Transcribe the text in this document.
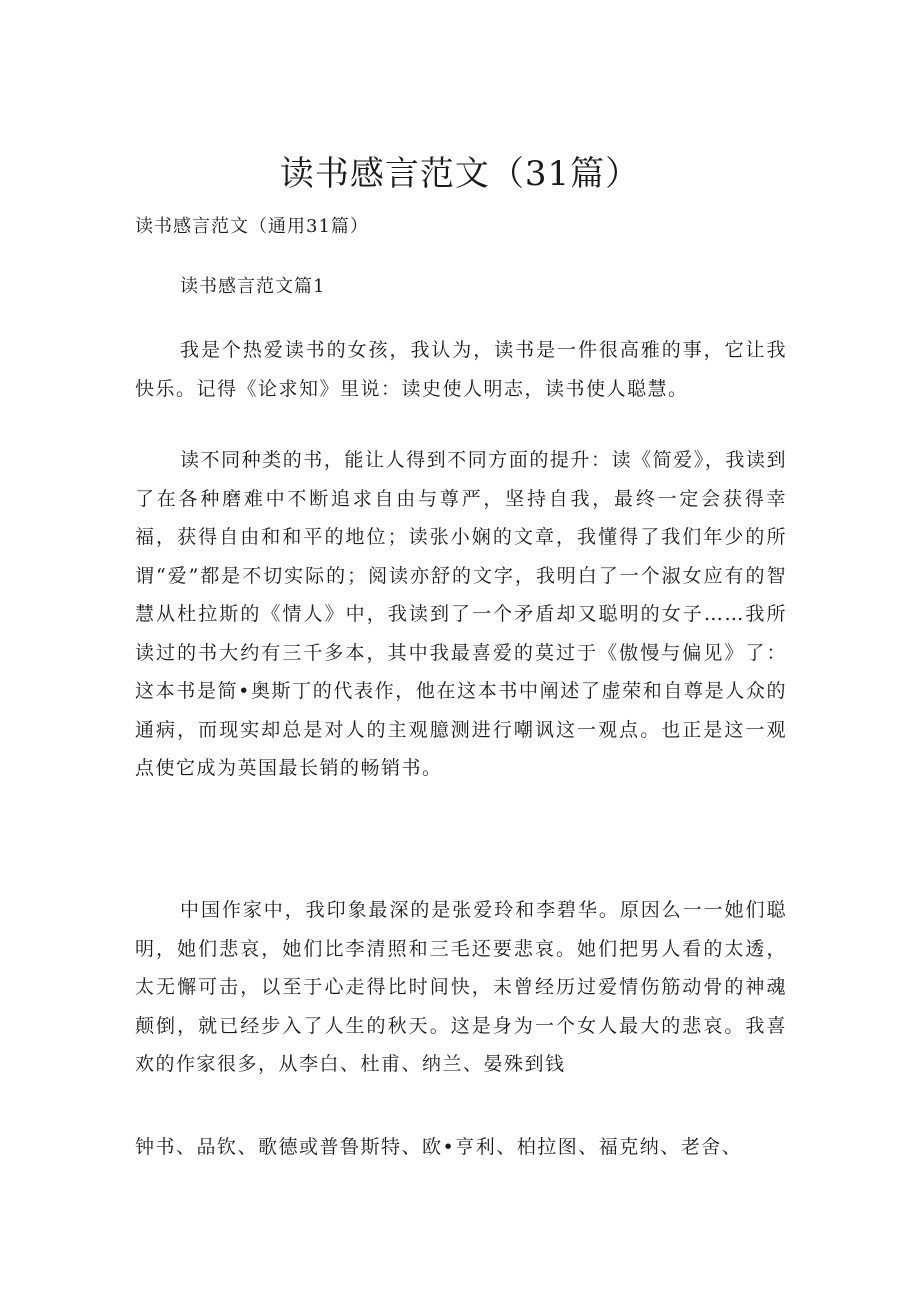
读书感言范文（31篇）
读书感言范文（通用31篇）
读书感言范文篇1

我是个热爱读书的女孩，我认为，读书是一件很高雅的事，它让我快乐。记得《论求知》里说：读史使人明志，读书使人聪慧。

读不同种类的书，能让人得到不同方面的提升：读《简爱》，我读到了在各种磨难中不断追求自由与尊严，坚持自我，最终一定会获得幸福，获得自由和和平的地位；读张小娴的文章，我懂得了我们年少的所谓“爱”都是不切实际的；阅读亦舒的文字，我明白了一个淑女应有的智慧从杜拉斯的《情人》中，我读到了一个矛盾却又聪明的女子……我所读过的书大约有三千多本，其中我最喜爱的莫过于《傲慢与偏见》了：这本书是简•奥斯丁的代表作，他在这本书中阐述了虚荣和自尊是人众的通病，而现实却总是对人的主观臆测进行嘲讽这一观点。也正是这一观点使它成为英国最长销的畅销书。

中国作家中，我印象最深的是张爱玲和李碧华。原因么一一她们聪明，她们悲哀，她们比李清照和三毛还要悲哀。她们把男人看的太透，太无懈可击，以至于心走得比时间快，未曾经历过爱情伤筋动骨的神魂颠倒，就已经步入了人生的秋天。这是身为一个女人最大的悲哀。我喜欢的作家很多，从李白、杜甫、纳兰、晏殊到钱

钟书、品钦、歌德或普鲁斯特、欧•亨利、柏拉图、福克纳、老舍、
